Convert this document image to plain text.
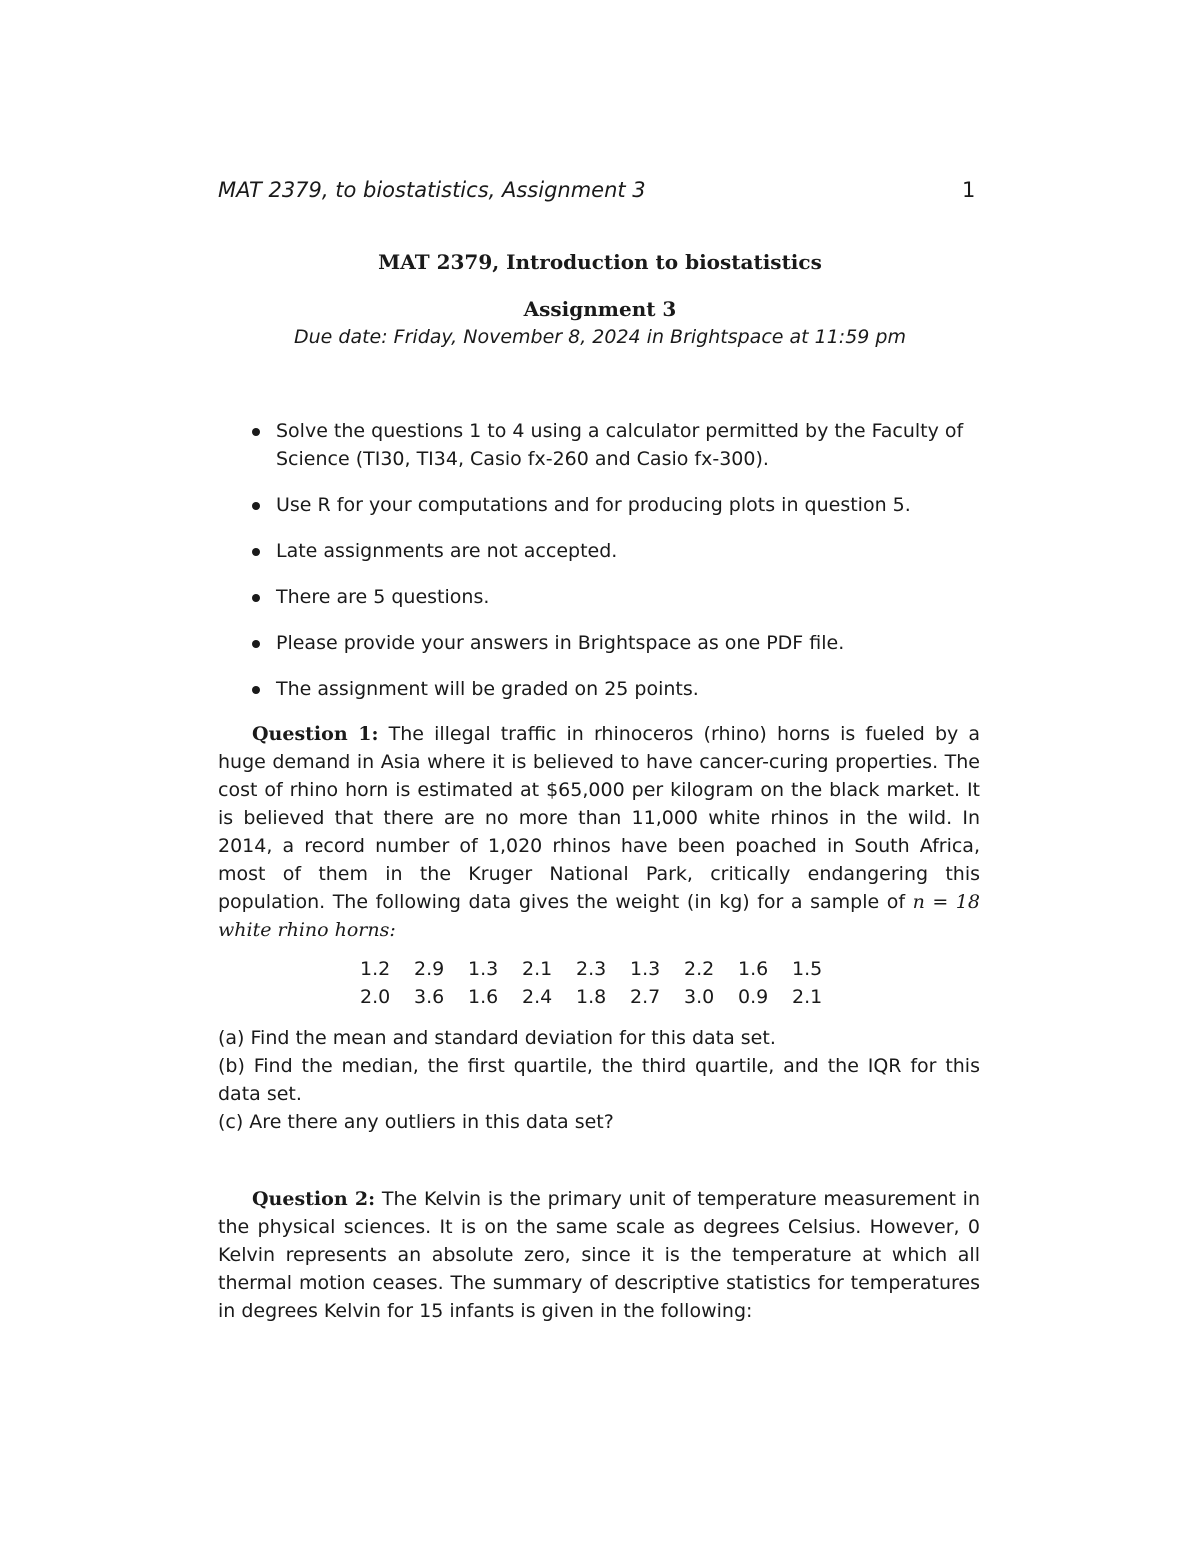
MAT 2379, to biostatistics, Assignment 3	1
MAT 2379, Introduction to biostatistics
Assignment 3
Due date: Friday, November 8, 2024 in Brightspace at 11:59 pm
Solve the questions 1 to 4 using a calculator permitted by the Faculty of Science (TI30, TI34, Casio fx-260 and Casio fx-300).
Use R for your computations and for producing plots in question 5.
Late assignments are not accepted.
There are 5 questions.
Please provide your answers in Brightspace as one PDF file.
The assignment will be graded on 25 points.

Question 1: The illegal traffic in rhinoceros (rhino) horns is fueled by a huge demand in Asia where it is believed to have cancer-curing properties. The cost of rhino horn is estimated at $65,000 per kilogram on the black market. It is believed that there are no more than 11,000 white rhinos in the wild. In 2014, a record number of 1,020 rhinos have been poached in South Africa, most of them in the Kruger National Park, critically endangering this population. The following data gives the weight (in kg) for a sample of n = 18 white rhino horns:

1.2	2.9	1.3	2.1	2.3	1.3	2.2	1.6	1.5
2.0	3.6	1.6	2.4	1.8	2.7	3.0	0.9	2.1
(a) Find the mean and standard deviation for this data set.
(b) Find the median, the first quartile, the third quartile, and the IQR for this data set.
(c) Are there any outliers in this data set?

Question 2: The Kelvin is the primary unit of temperature measurement in the physical sciences. It is on the same scale as degrees Celsius. However, 0 Kelvin represents an absolute zero, since it is the temperature at which all thermal motion ceases. The summary of descriptive statistics for temperatures in degrees Kelvin for 15 infants is given in the following:
